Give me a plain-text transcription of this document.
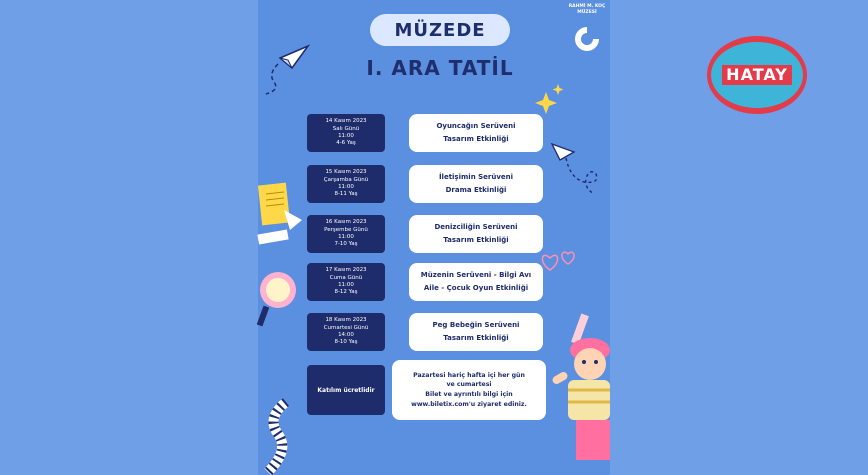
MÜZEDE
I. ARA TATİL
RAHMİ M. KOÇ MÜZESİ
14 Kasım 2023
Salı Günü
11:00
4-6 Yaş
Oyuncağın Serüveni
Tasarım Etkinliği
15 Kasım 2023
Çarşamba Günü
11:00
8-11 Yaş
İletişimin Serüveni
Drama Etkinliği
16 Kasım 2023
Perşembe Günü
11:00
7-10 Yaş
Denizciliğin Serüveni
Tasarım Etkinliği
17 Kasım 2023
Cuma Günü
11:00
8-12 Yaş
Müzenin Serüveni - Bilgi Avı
Aile - Çocuk Oyun Etkinliği
18 Kasım 2023
Cumartesi Günü
14:00
8-10 Yaş
Peg Bebeğin Serüveni
Tasarım Etkinliği
Katılım ücretlidir
Pazartesi hariç hafta içi her gün
ve cumartesi
Bilet ve ayrıntılı bilgi için
www.biletix.com'u ziyaret ediniz.
HATAY
